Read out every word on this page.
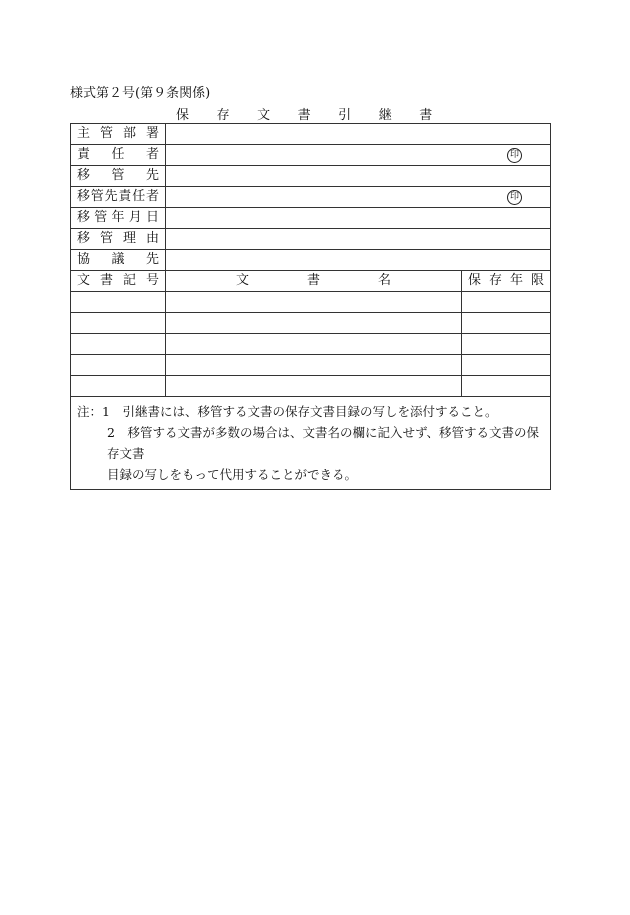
様式第２号(第９条関係)
保 存 文 書 引 継 書
主管部署		
責任者	印	

移管先		
移管先責任者	印	

移管年月日		
移管理由		
協議先		
文書記号	文書名	保存年限

注：1　引継書には、移管する文書の保存文書目録の写しを添付すること。
2　移管する文書が多数の場合は、文書名の欄に記入せず、移管する文書の保存文書
目録の写しをもって代用することができる。		
